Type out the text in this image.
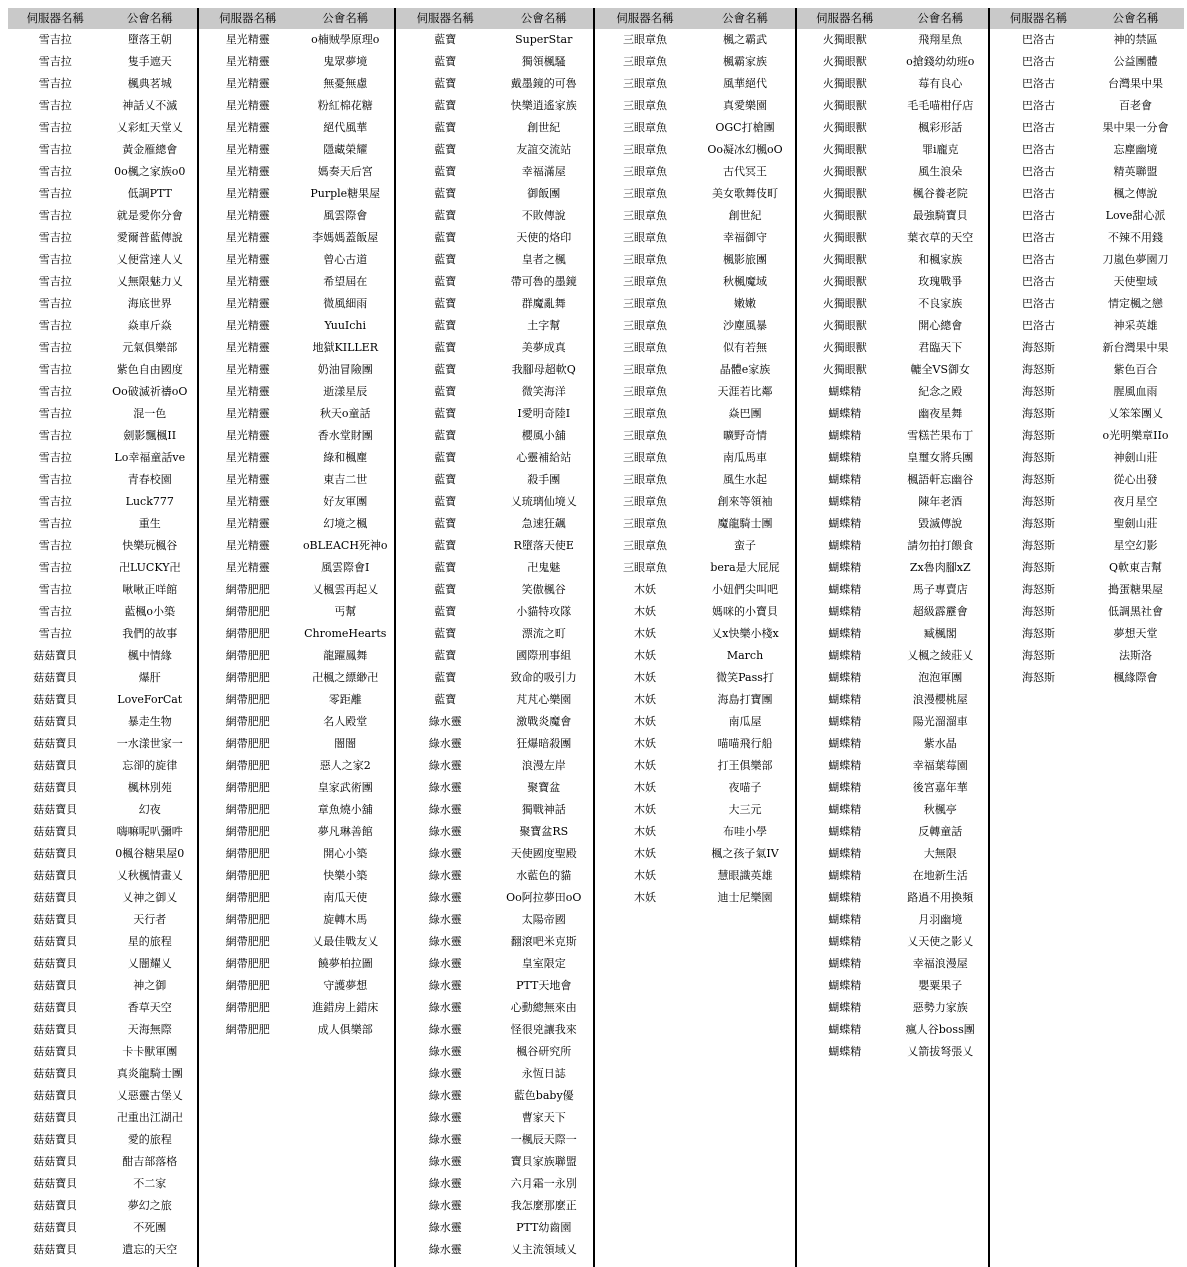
伺服器名稱	公會名稱
雪吉拉	墮落王朝
雪吉拉	隻手遮天
雪吉拉	楓典茗城
雪吉拉	神話乂不滅
雪吉拉	乂彩虹天堂乂
雪吉拉	黃金雁總會
雪吉拉	0o楓之家族o0
雪吉拉	低調PTT
雪吉拉	就是愛你分會
雪吉拉	愛爾普藍傳說
雪吉拉	乂便當達人乂
雪吉拉	乂無限魅力乂
雪吉拉	海底世界
雪吉拉	焱車斤焱
雪吉拉	元氣俱樂部
雪吉拉	紫色自由國度
雪吉拉	Oo破滅祈禱oO
雪吉拉	混一色
雪吉拉	劍影飄楓II
雪吉拉	Lo幸福童話ve
雪吉拉	青春校園
雪吉拉	Luck777
雪吉拉	重生
雪吉拉	快樂玩楓谷
雪吉拉	卍LUCKY卍
雪吉拉	啾啾正咩館
雪吉拉	藍楓o小築
雪吉拉	我們的故事
菇菇寶貝	楓中情緣
菇菇寶貝	爆肝
菇菇寶貝	LoveForCat
菇菇寶貝	暴走生物
菇菇寶貝	一水漾世家一
菇菇寶貝	忘卻的旋律
菇菇寶貝	楓林別苑
菇菇寶貝	幻夜
菇菇寶貝	嗨嘛呢叭彌吽
菇菇寶貝	0楓谷糖果屋0
菇菇寶貝	乂秋楓情畫乂
菇菇寶貝	乂神之御乂
菇菇寶貝	天行者
菇菇寶貝	星的旅程
菇菇寶貝	乂闇耀乂
菇菇寶貝	神之御
菇菇寶貝	香草天空
菇菇寶貝	天海無際
菇菇寶貝	卡卡獸軍團
菇菇寶貝	真炎龍騎士團
菇菇寶貝	乂惡靈古堡乂
菇菇寶貝	卍重出江湖卍
菇菇寶貝	愛的旅程
菇菇寶貝	酣吉部落格
菇菇寶貝	不二家
菇菇寶貝	夢幻之旅
菇菇寶貝	不死團
菇菇寶貝	遺忘的天空
伺服器名稱	公會名稱
星光精靈	o楠贼學原理o
星光精靈	鬼眾夢境
星光精靈	無憂無慮
星光精靈	粉紅棉花糖
星光精靈	絕代風華
星光精靈	隱藏榮耀
星光精靈	媽奏天后宮
星光精靈	Purple糖果屋
星光精靈	風雲際會
星光精靈	李媽媽蓋飯屋
星光精靈	曾心古道
星光精靈	希望屆在
星光精靈	微風細雨
星光精靈	YuuIchi
星光精靈	地獄KILLER
星光精靈	奶油冒險團
星光精靈	逝漾星辰
星光精靈	秋天o童話
星光精靈	香水堂財團
星光精靈	綠和楓塵
星光精靈	東吉二世
星光精靈	好友軍團
星光精靈	幻境之楓
星光精靈	oBLEACH死神o
星光精靈	風雲際會I
網帶肥肥	乂楓雲再起乂
網帶肥肥	丐幫
網帶肥肥	ChromeHearts
網帶肥肥	龍躍鳳舞
網帶肥肥	卍楓之縹緲卍
網帶肥肥	零距離
網帶肥肥	名人殿堂
網帶肥肥	闇闇
網帶肥肥	惡人之家2
網帶肥肥	皇家武術團
網帶肥肥	章魚燒小舖
網帶肥肥	夢凡琳善館
網帶肥肥	開心小築
網帶肥肥	快樂小築
網帶肥肥	南瓜天使
網帶肥肥	旋轉木馬
網帶肥肥	乂最佳戰友乂
網帶肥肥	饒夢柏拉圖
網帶肥肥	守護夢想
網帶肥肥	進錯房上錯床
網帶肥肥	成人俱樂部
伺服器名稱	公會名稱
藍寶	SuperStar
藍寶	獨領楓騷
藍寶	戴墨鏡的可魯
藍寶	快樂逍遙家族
藍寶	創世紀
藍寶	友誼交流站
藍寶	幸福滿屋
藍寶	御飯團
藍寶	不敗傳說
藍寶	天使的烙印
藍寶	皇者之楓
藍寶	帶可魯的墨鏡
藍寶	群魔亂舞
藍寶	土字幫
藍寶	美夢成真
藍寶	我腳母超軟Q
藍寶	微笑海洋
藍寶	I愛明奇陸I
藍寶	櫻風小舖
藍寶	心靈補給站
藍寶	殺手團
藍寶	乂琉璃仙境乂
藍寶	急速狂飆
藍寶	R墮落天使E
藍寶	卍鬼魅
藍寶	笑傲楓谷
藍寶	小貓特攻隊
藍寶	漂流之町
藍寶	國際刑事組
藍寶	致命的吸引力
藍寶	芃芃心樂園
綠水靈	激戰炎魔會
綠水靈	狂爆暗殺團
綠水靈	浪漫左岸
綠水靈	聚寶盆
綠水靈	獨戰神話
綠水靈	聚寶盆RS
綠水靈	天使國度聖殿
綠水靈	水藍色的貓
綠水靈	Oo阿拉夢田oO
綠水靈	太陽帝國
綠水靈	翻滾吧米克斯
綠水靈	皇室限定
綠水靈	PTT天地會
綠水靈	心動總無來由
綠水靈	怪很兇讓我來
綠水靈	楓谷研究所
綠水靈	永恆日誌
綠水靈	藍色baby優
綠水靈	曹家天下
綠水靈	一楓辰天際一
綠水靈	寶貝家族聯盟
綠水靈	六月霜一永別
綠水靈	我怎麼那麼正
綠水靈	PTT幼齒園
綠水靈	乂主流領域乂
伺服器名稱	公會名稱
三眼章魚	楓之霸武
三眼章魚	楓霸家族
三眼章魚	風華絕代
三眼章魚	真愛樂園
三眼章魚	OGC打槍團
三眼章魚	Oo凝冰幻楓oO
三眼章魚	古代冥王
三眼章魚	美女歌舞伎町
三眼章魚	創世紀
三眼章魚	幸福御守
三眼章魚	楓影旅團
三眼章魚	秋楓魔域
三眼章魚	嫩嫩
三眼章魚	沙塵風暴
三眼章魚	似有若無
三眼章魚	晶體e家族
三眼章魚	天涯若比鄰
三眼章魚	焱巴團
三眼章魚	曠野奇情
三眼章魚	南瓜馬車
三眼章魚	風生水起
三眼章魚	創來等領袖
三眼章魚	魔龍騎士團
三眼章魚	蛮子
三眼章魚	bera是大屁屁
木妖	小妞們尖叫吧
木妖	媽咪的小寶貝
木妖	乂x快樂小棧x
木妖	March
木妖	微笑Pass打
木妖	海島打寶團
木妖	南瓜屋
木妖	喵喵飛行船
木妖	打王俱樂部
木妖	夜喵子
木妖	大三元
木妖	布哇小學
木妖	楓之孩子氣IV
木妖	慧眼識英雄
木妖	迪士尼樂園
伺服器名稱	公會名稱
火獨眼獸	飛翔星魚
火獨眼獸	o搶錢幼幼班o
火獨眼獸	莓有良心
火獨眼獸	毛毛喵柑仔店
火獨眼獸	楓彩形話
火獨眼獸	罪i龐克
火獨眼獸	風生浪朵
火獨眼獸	楓谷養老院
火獨眼獸	最強騎寶貝
火獨眼獸	葉衣草的天空
火獨眼獸	和楓家族
火獨眼獸	玫瑰戰爭
火獨眼獸	不良家族
火獨眼獸	開心總會
火獨眼獸	君臨天下
火獨眼獸	轆全VS御女
蝴蝶精	紀念之殿
蝴蝶精	幽夜星舞
蝴蝶精	雪糕芒果布丁
蝴蝶精	皇璽女將兵團
蝴蝶精	楓語軒忘幽谷
蝴蝶精	陳年老酒
蝴蝶精	毀滅傳說
蝴蝶精	請勿拍打餵食
蝴蝶精	Zx魯肉腳xZ
蝴蝶精	馬子專賣店
蝴蝶精	超級霹靂會
蝴蝶精	臧楓閣
蝴蝶精	乂楓之綾莊乂
蝴蝶精	泡泡軍團
蝴蝶精	浪漫櫻桃屋
蝴蝶精	陽光溜溜車
蝴蝶精	紫水晶
蝴蝶精	幸福葉莓園
蝴蝶精	後宮嘉年華
蝴蝶精	秋楓亭
蝴蝶精	反轉童話
蝴蝶精	大無限
蝴蝶精	在地新生活
蝴蝶精	路過不用換頻
蝴蝶精	月羽幽境
蝴蝶精	乂天使之影乂
蝴蝶精	幸福浪漫屋
蝴蝶精	嬰粟果子
蝴蝶精	惡勢力家族
蝴蝶精	瘋人谷boss團
蝴蝶精	乂箭拔弩張乂
伺服器名稱	公會名稱
巴洛古	神的禁區
巴洛古	公益團體
巴洛古	台灣果中果
巴洛古	百老會
巴洛古	果中果一分會
巴洛古	忘塵幽境
巴洛古	精英聯盟
巴洛古	楓之傳說
巴洛古	Love甜心派
巴洛古	不辣不用錢
巴洛古	刀嵐色夢園刀
巴洛古	天使聖域
巴洛古	情定楓之戀
巴洛古	神采英雄
海怒斯	新台灣果中果
海怒斯	紫色百合
海怒斯	腥風血雨
海怒斯	乂笨笨團乂
海怒斯	o光明樂章IIo
海怒斯	神劍山莊
海怒斯	從心出發
海怒斯	夜月星空
海怒斯	聖劍山莊
海怒斯	星空幻影
海怒斯	Q軟東吉幫
海怒斯	搗蛋糖果屋
海怒斯	低調黑社會
海怒斯	夢想天堂
海怒斯	法斯洛
海怒斯	楓緣際會
